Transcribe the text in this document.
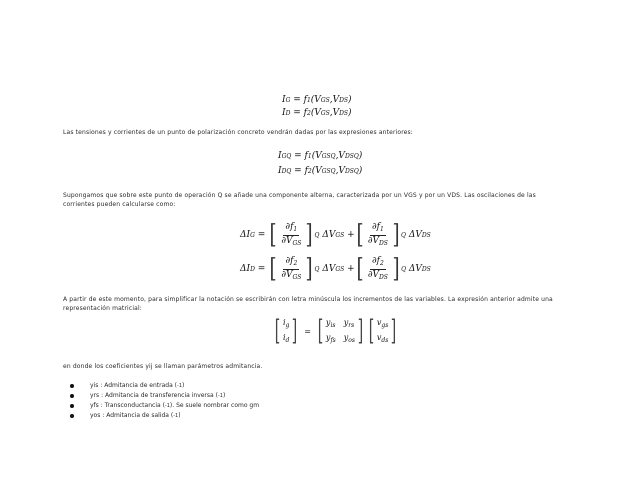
I G
= f 1 (V GS ,V DS )
I D
= f 2 (V GS ,V DS )

Las tensiones y corrientes de un punto de polarización concreto vendrán dadas por las expresiones anteriores:

I GQ
= f 1 (V GSQ ,V DSQ )
I DQ
= f 2 (V GSQ ,V DSQ )

Supongamos que sobre este punto de operación Q se añade una componente alterna, caracterizada por un VGS y por un VDS. Las oscilaciones de las corrientes pueden calcularse como:

ΔI G
=
[ $\frac{\partial f_1}{\partial V_{GS}}$ ] Q
ΔV GS
+ [ $\frac{\partial f_1}{\partial V_{DS}}$ ] Q
ΔV DS
ΔI D
=
[ $\frac{\partial f_2}{\partial V_{GS}}$ ] Q
ΔV GS
+ [ $\frac{\partial f_2}{\partial V_{DS}}$ ] Q
ΔV DS

A partir de este momento, para simplificar la notación se escribirán con letra minúscula los incrementos de las variables. La expresión anterior admite una representación matricial:

[ $i_g$
$i_d$ ] = [ $y_{is}$ $y_{rs}$
$y_{fs}$ $y_{os}$ ] [ $v_{gs}$
$v_{ds}$ ]

en donde los coeficientes yij se llaman parámetros admitancia.

yis
: Admitancia de entrada ( -1 )
yrs
: Admitancia de transferencia inversa ( -1 )
yfs
: Transconductancia ( -1 ). Se suele nombrar como gm
yos
: Admitancia de salida ( -1 )
